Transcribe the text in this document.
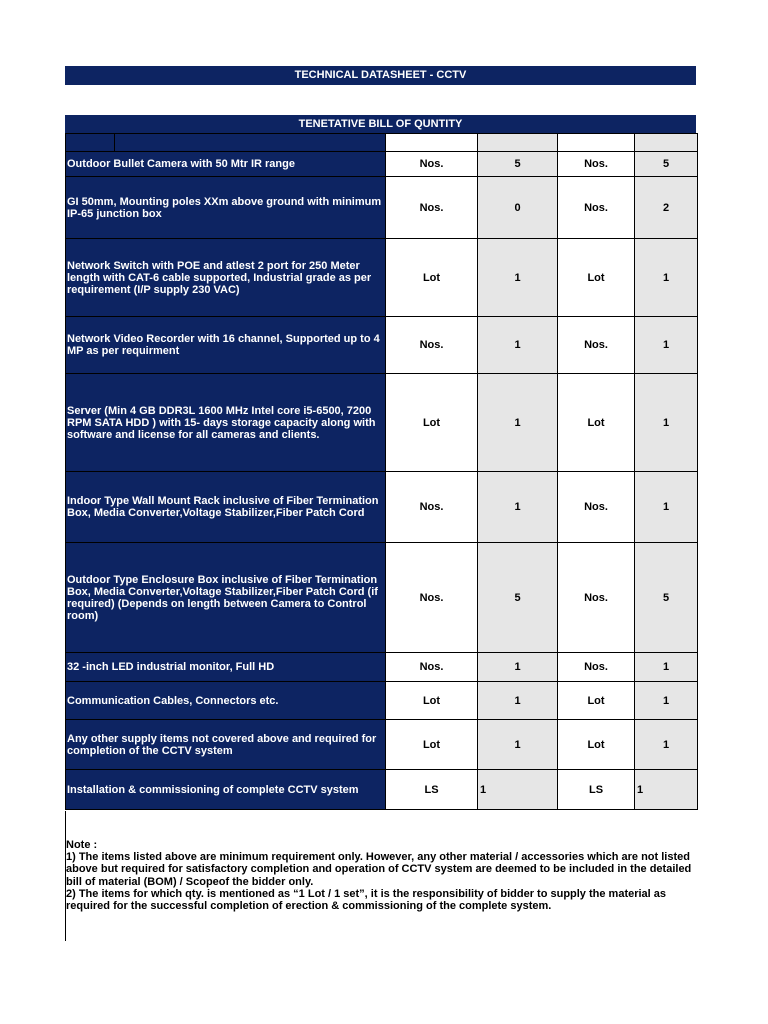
TECHNICAL DATASHEET - CCTV
TENETATIVE BILL OF QUNTITY

Outdoor Bullet Camera with 50 Mtr IR range	Nos.	5	Nos.	5
GI 50mm, Mounting poles XXm above ground with minimum IP-65 junction box	Nos.	0	Nos.	2
Network Switch with POE and atlest 2 port for 250 Meter length with CAT-6 cable supported, Industrial grade as per requirement (I/P supply 230 VAC)	Lot	1	Lot	1
Network Video Recorder with 16 channel, Supported up to 4 MP as per requirment	Nos.	1	Nos.	1
Server (Min 4 GB DDR3L 1600 MHz Intel core i5-6500, 7200 RPM SATA HDD ) with 15- days storage capacity along with software and license for all cameras and clients.	Lot	1	Lot	1
Indoor Type Wall Mount Rack inclusive of Fiber Termination Box, Media Converter,Voltage Stabilizer,Fiber Patch Cord	Nos.	1	Nos.	1
Outdoor Type Enclosure Box inclusive of Fiber Termination Box, Media Converter,Voltage Stabilizer,Fiber Patch Cord (if required) (Depends on length between Camera to Control room)	Nos.	5	Nos.	5
32 -inch LED industrial monitor, Full HD	Nos.	1	Nos.	1
Communication Cables, Connectors etc.	Lot	1	Lot	1
Any other supply items not covered above and required for completion of the CCTV system	Lot	1	Lot	1
Installation & commissioning of complete CCTV system	LS	1	LS	1

Note :

1) The items listed above are minimum requirement only. However, any other material / accessories which are not listed above but required for satisfactory completion and operation of CCTV system are deemed to be included in the detailed bill of material (BOM) / Scopeof the bidder only.

2) The items for which qty. is mentioned as “1 Lot / 1 set”, it is the responsibility of bidder to supply the material as required for the successful completion of erection & commissioning of the complete system.
